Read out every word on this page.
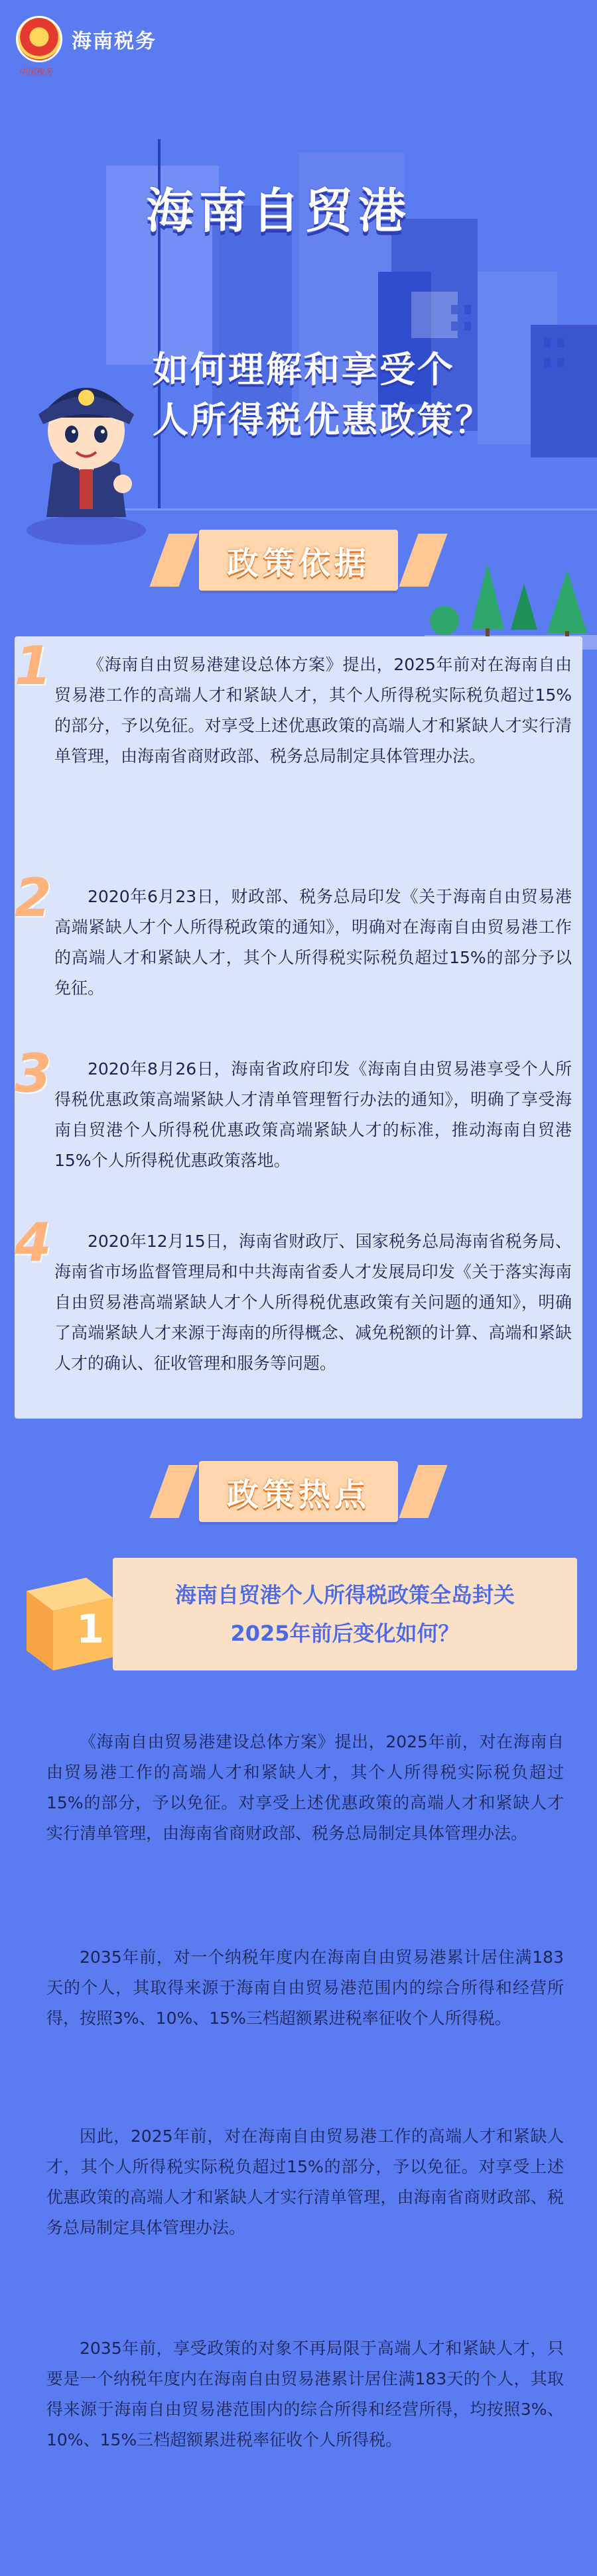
海南税务
中国税务
海南自贸港
如何理解和享受个
人所得税优惠政策？
政策依据
1	《海南自由贸易港建设总体方案》提出，2025年前对在海南自由贸易港工作的高端人才和紧缺人才，其个人所得税实际税负超过15%的部分，予以免征。对享受上述优惠政策的高端人才和紧缺人才实行清单管理，由海南省商财政部、税务总局制定具体管理办法。
2	2020年6月23日，财政部、税务总局印发《关于海南自由贸易港高端紧缺人才个人所得税政策的通知》，明确对在海南自由贸易港工作的高端人才和紧缺人才，其个人所得税实际税负超过15%的部分予以免征。
3	2020年8月26日，海南省政府印发《海南自由贸易港享受个人所得税优惠政策高端紧缺人才清单管理暂行办法的通知》，明确了享受海南自贸港个人所得税优惠政策高端紧缺人才的标准，推动海南自贸港15%个人所得税优惠政策落地。
4	2020年12月15日，海南省财政厅、国家税务总局海南省税务局、海南省市场监督管理局和中共海南省委人才发展局印发《关于落实海南自由贸易港高端紧缺人才个人所得税优惠政策有关问题的通知》，明确了高端紧缺人才来源于海南的所得概念、减免税额的计算、高端和紧缺人才的确认、征收管理和服务等问题。
政策热点
海南自贸港个人所得税政策全岛封关
2025年前后变化如何？
1
《海南自由贸易港建设总体方案》提出，2025年前，对在海南自由贸易港工作的高端人才和紧缺人才，其个人所得税实际税负超过15%的部分，予以免征。对享受上述优惠政策的高端人才和紧缺人才实行清单管理，由海南省商财政部、税务总局制定具体管理办法。
2035年前，对一个纳税年度内在海南自由贸易港累计居住满183天的个人，其取得来源于海南自由贸易港范围内的综合所得和经营所得，按照3%、10%、15%三档超额累进税率征收个人所得税。
因此，2025年前，对在海南自由贸易港工作的高端人才和紧缺人才，其个人所得税实际税负超过15%的部分，予以免征。对享受上述优惠政策的高端人才和紧缺人才实行清单管理，由海南省商财政部、税务总局制定具体管理办法。
2035年前，享受政策的对象不再局限于高端人才和紧缺人才，只要是一个纳税年度内在海南自由贸易港累计居住满183天的个人，其取得来源于海南自由贸易港范围内的综合所得和经营所得，均按照3%、10%、15%三档超额累进税率征收个人所得税。
